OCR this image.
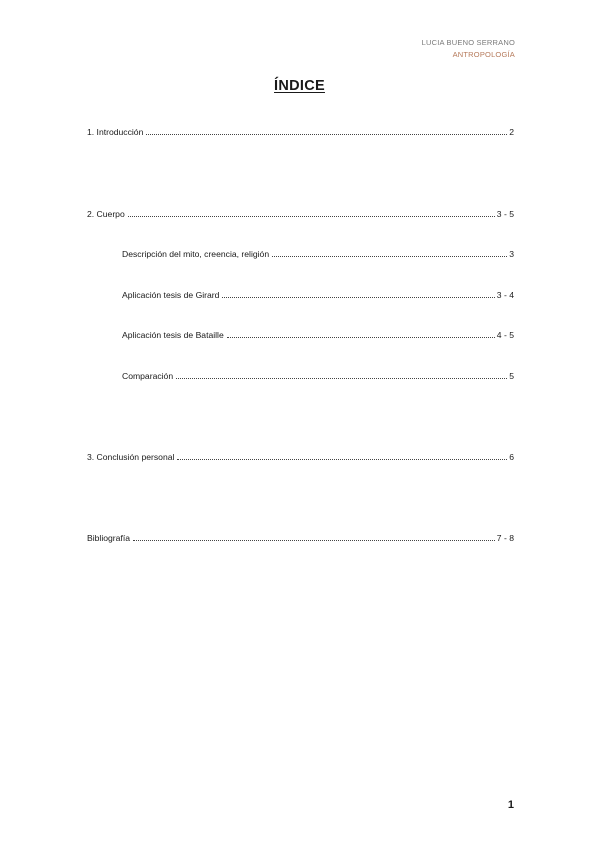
LUCIA BUENO SERRANO
ANTROPOLOGÍA
ÍNDICE
1. Introducción	2
2. Cuerpo	3 - 5
Descripción del mito, creencia, religión	3
Aplicación tesis de Girard	3 - 4
Aplicación tesis de Bataille	4 - 5
Comparación	5
3. Conclusión personal	6
Bibliografía	7 - 8
1
